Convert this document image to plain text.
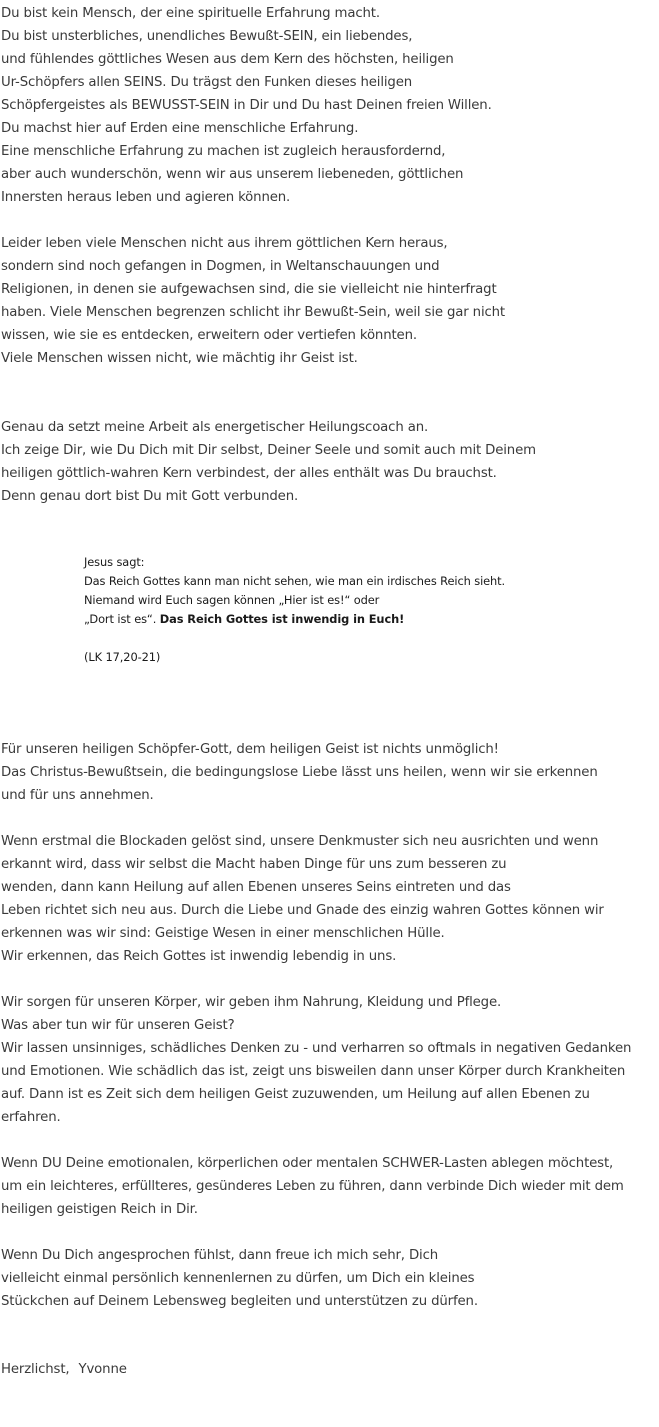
Du bist kein Mensch, der eine spirituelle Erfahrung macht.
Du bist unsterbliches, unendliches Bewußt-SEIN, ein liebendes,
und fühlendes göttliches Wesen aus dem Kern des höchsten, heiligen
Ur-Schöpfers allen SEINS. Du trägst den Funken dieses heiligen
Schöpfergeistes als BEWUSST-SEIN in Dir und Du hast Deinen freien Willen.
Du machst hier auf Erden eine menschliche Erfahrung.
Eine menschliche Erfahrung zu machen ist zugleich herausfordernd,
aber auch wunderschön, wenn wir aus unserem liebeneden, göttlichen
Innersten heraus leben und agieren können.
Leider leben viele Menschen nicht aus ihrem göttlichen Kern heraus,
sondern sind noch gefangen in Dogmen, in Weltanschauungen und
Religionen, in denen sie aufgewachsen sind, die sie vielleicht nie hinterfragt
haben. Viele Menschen begrenzen schlicht ihr Bewußt-Sein, weil sie gar nicht
wissen, wie sie es entdecken, erweitern oder vertiefen könnten.
Viele Menschen wissen nicht, wie mächtig ihr Geist ist.
Genau da setzt meine Arbeit als energetischer Heilungscoach an.
Ich zeige Dir, wie Du Dich mit Dir selbst, Deiner Seele und somit auch mit Deinem
heiligen göttlich-wahren Kern verbindest, der alles enthält was Du brauchst.
Denn genau dort bist Du mit Gott verbunden.
Jesus sagt:
Das Reich Gottes kann man nicht sehen, wie man ein irdisches Reich sieht.
Niemand wird Euch sagen können „Hier ist es!“ oder
„Dort ist es“. Das Reich Gottes ist inwendig in Euch!
(LK 17,20-21)
Für unseren heiligen Schöpfer-Gott, dem heiligen Geist ist nichts unmöglich!
Das Christus-Bewußtsein, die bedingungslose Liebe lässt uns heilen, wenn wir sie erkennen
und für uns annehmen.
Wenn erstmal die Blockaden gelöst sind, unsere Denkmuster sich neu ausrichten und wenn
erkannt wird, dass wir selbst die Macht haben Dinge für uns zum besseren zu
wenden, dann kann Heilung auf allen Ebenen unseres Seins eintreten und das
Leben richtet sich neu aus. Durch die Liebe und Gnade des einzig wahren Gottes können wir
erkennen was wir sind: Geistige Wesen in einer menschlichen Hülle.
Wir erkennen, das Reich Gottes ist inwendig lebendig in uns.
Wir sorgen für unseren Körper, wir geben ihm Nahrung, Kleidung und Pflege.
Was aber tun wir für unseren Geist?
Wir lassen unsinniges, schädliches Denken zu - und verharren so oftmals in negativen Gedanken
und Emotionen. Wie schädlich das ist, zeigt uns bisweilen dann unser Körper durch Krankheiten
auf. Dann ist es Zeit sich dem heiligen Geist zuzuwenden, um Heilung auf allen Ebenen zu
erfahren.
Wenn DU Deine emotionalen, körperlichen oder mentalen SCHWER-Lasten ablegen möchtest,
um ein leichteres, erfüllteres, gesünderes Leben zu führen, dann verbinde Dich wieder mit dem
heiligen geistigen Reich in Dir.
Wenn Du Dich angesprochen fühlst, dann freue ich mich sehr, Dich
vielleicht einmal persönlich kennenlernen zu dürfen, um Dich ein kleines
Stückchen auf Deinem Lebensweg begleiten und unterstützen zu dürfen.
Herzlichst, Yvonne
